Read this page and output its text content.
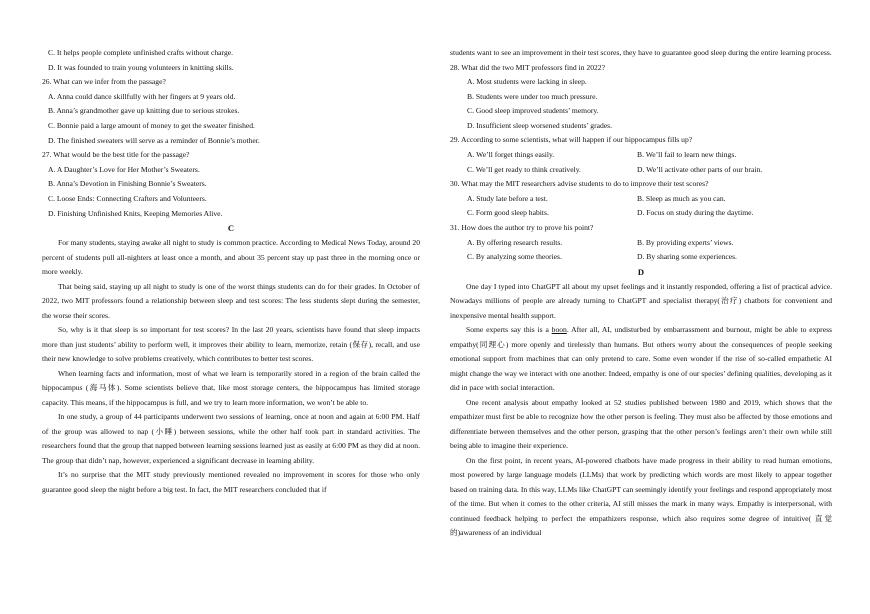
C. It helps people complete unfinished crafts without charge.
D. It was founded to train young volunteers in knitting skills.
26. What can we infer from the passage?
A. Anna could dance skillfully with her fingers at 9 years old.
B. Anna’s grandmother gave up knitting due to serious strokes.
C. Bonnie paid a large amount of money to get the sweater finished.
D. The finished sweaters will serve as a reminder of Bonnie’s mother.
27. What would be the best title for the passage?
A. A Daughter’s Love for Her Mother’s Sweaters.
B. Anna’s Devotion in Finishing Bonnie’s Sweaters.
C. Loose Ends: Connecting Crafters and Volunteers.
D. Finishing Unfinished Knits, Keeping Memories Alive.
C

For many students, staying awake all night to study is common practice. According to Medical News Today, around 20 percent of students pull all-nighters at least once a month, and about 35 percent stay up past three in the morning once or more weekly.

That being said, staying up all night to study is one of the worst things students can do for their grades. In October of 2022, two MIT professors found a relationship between sleep and test scores: The less students slept during the semester, the worse their scores.

So, why is it that sleep is so important for test scores? In the last 20 years, scientists have found that sleep impacts more than just students’ ability to perform well, it improves their ability to learn, memorize, retain (保存), recall, and use their new knowledge to solve problems creatively, which contributes to better test scores.

When learning facts and information, most of what we learn is temporarily stored in a region of the brain called the hippocampus (海马体). Some scientists believe that, like most storage centers, the hippocampus has limited storage capacity. This means, if the hippocampus is full, and we try to learn more information, we won’t be able to.

In one study, a group of 44 participants underwent two sessions of learning, once at noon and again at 6:00 PM. Half of the group was allowed to nap (小睡) between sessions, while the other half took part in standard activities. The researchers found that the group that napped between learning sessions learned just as easily at 6:00 PM as they did at noon. The group that didn’t nap, however, experienced a significant decrease in learning ability.

It’s no surprise that the MIT study previously mentioned revealed no improvement in scores for those who only guarantee good sleep the night before a big test. In fact, the MIT researchers concluded that if

students want to see an improvement in their test scores, they have to guarantee good sleep during the entire learning process.

28. What did the two MIT professors find in 2022?
A. Most students were lacking in sleep.
B. Students were under too much pressure.
C. Good sleep improved students’ memory.
D. Insufficient sleep worsened students’ grades.
29. According to some scientists, what will happen if our hippocampus fills up?
A. We’ll forget things easily.	B. We’ll fail to learn new things.
C. We’ll get ready to think creatively.	D. We’ll activate other parts of our brain.
30. What may the MIT researchers advise students to do to improve their test scores?
A. Study late before a test.	B. Sleep as much as you can.
C. Form good sleep habits.	D. Focus on study during the daytime.
31. How does the author try to prove his point?
A. By offering research results.	B. By providing experts’ views.
C. By analyzing some theories.	D. By sharing some experiences.
D

One day I typed into ChatGPT all about my upset feelings and it instantly responded, offering a list of practical advice. Nowadays millions of people are already turning to ChatGPT and specialist therapy(治疗) chatbots for convenient and inexpensive mental health support.

Some experts say this is a boon. After all, AI, undisturbed by embarrassment and burnout, might be able to express empathy(同理心) more openly and tirelessly than humans. But others worry about the consequences of people seeking emotional support from machines that can only pretend to care. Some even wonder if the rise of so-called empathetic AI might change the way we interact with one another. Indeed, empathy is one of our species’ defining qualities, developing as it did in pace with social interaction.

One recent analysis about empathy looked at 52 studies published between 1980 and 2019, which shows that the empathizer must first be able to recognize how the other person is feeling. They must also be affected by those emotions and differentiate between themselves and the other person, grasping that the other person’s feelings aren’t their own while still being able to imagine their experience.

On the first point, in recent years, AI-powered chatbots have made progress in their ability to read human emotions, most powered by large language models (LLMs) that work by predicting which words are most likely to appear together based on training data. In this way, LLMs like ChatGPT can seemingly identify your feelings and respond appropriately most of the time. But when it comes to the other criteria, AI still misses the mark in many ways. Empathy is interpersonal, with continued feedback helping to perfect the empathizers response, which also requires some degree of intuitive( 直觉的)awareness of an individual
